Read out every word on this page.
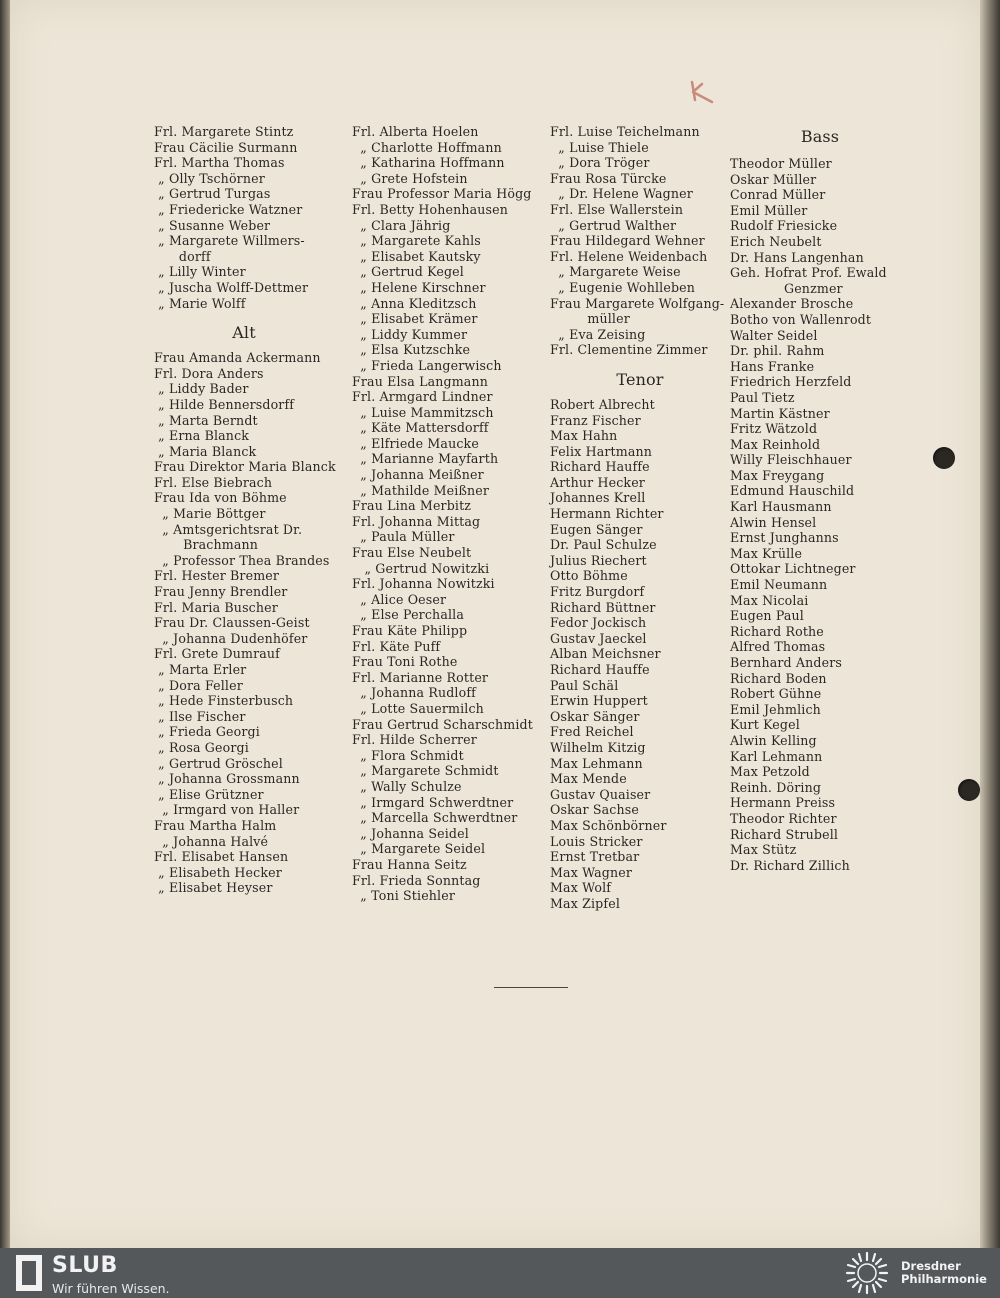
Frl. Margarete Stintz
Frau Cäcilie Surmann
Frl. Martha Thomas
„ Olly Tschörner
„ Gertrud Turgas
„ Friedericke Watzner
„ Susanne Weber
„ Margarete Willmers-
dorff
„ Lilly Winter
„ Juscha Wolff-Dettmer
„ Marie Wolff
Alt
Frau Amanda Ackermann
Frl. Dora Anders
„ Liddy Bader
„ Hilde Bennersdorff
„ Marta Berndt
„ Erna Blanck
„ Maria Blanck
Frau Direktor Maria Blanck
Frl. Else Biebrach
Frau Ida von Böhme
„ Marie Böttger
„ Amtsgerichtsrat Dr.
Brachmann
„ Professor Thea Brandes
Frl. Hester Bremer
Frau Jenny Brendler
Frl. Maria Buscher
Frau Dr. Claussen-Geist
„ Johanna Dudenhöfer
Frl. Grete Dumrauf
„ Marta Erler
„ Dora Feller
„ Hede Finsterbusch
„ Ilse Fischer
„ Frieda Georgi
„ Rosa Georgi
„ Gertrud Gröschel
„ Johanna Grossmann
„ Elise Grützner
„ Irmgard von Haller
Frau Martha Halm
„ Johanna Halvé
Frl. Elisabet Hansen
„ Elisabeth Hecker
„ Elisabet Heyser
Frl. Alberta Hoelen
„ Charlotte Hoffmann
„ Katharina Hoffmann
„ Grete Hofstein
Frau Professor Maria Högg
Frl. Betty Hohenhausen
„ Clara Jährig
„ Margarete Kahls
„ Elisabet Kautsky
„ Gertrud Kegel
„ Helene Kirschner
„ Anna Kleditzsch
„ Elisabet Krämer
„ Liddy Kummer
„ Elsa Kutzschke
„ Frieda Langerwisch
Frau Elsa Langmann
Frl. Armgard Lindner
„ Luise Mammitzsch
„ Käte Mattersdorff
„ Elfriede Maucke
„ Marianne Mayfarth
„ Johanna Meißner
„ Mathilde Meißner
Frau Lina Merbitz
Frl. Johanna Mittag
„ Paula Müller
Frau Else Neubelt
„ Gertrud Nowitzki
Frl. Johanna Nowitzki
„ Alice Oeser
„ Else Perchalla
Frau Käte Philipp
Frl. Käte Puff
Frau Toni Rothe
Frl. Marianne Rotter
„ Johanna Rudloff
„ Lotte Sauermilch
Frau Gertrud Scharschmidt
Frl. Hilde Scherrer
„ Flora Schmidt
„ Margarete Schmidt
„ Wally Schulze
„ Irmgard Schwerdtner
„ Marcella Schwerdtner
„ Johanna Seidel
„ Margarete Seidel
Frau Hanna Seitz
Frl. Frieda Sonntag
„ Toni Stiehler
Frl. Luise Teichelmann
„ Luise Thiele
„ Dora Tröger
Frau Rosa Türcke
„ Dr. Helene Wagner
Frl. Else Wallerstein
„ Gertrud Walther
Frau Hildegard Wehner
Frl. Helene Weidenbach
„ Margarete Weise
„ Eugenie Wohlleben
Frau Margarete Wolfgang-
müller
„ Eva Zeising
Frl. Clementine Zimmer
Tenor
Robert Albrecht
Franz Fischer
Max Hahn
Felix Hartmann
Richard Hauffe
Arthur Hecker
Johannes Krell
Hermann Richter
Eugen Sänger
Dr. Paul Schulze
Julius Riechert
Otto Böhme
Fritz Burgdorf
Richard Büttner
Fedor Jockisch
Gustav Jaeckel
Alban Meichsner
Richard Hauffe
Paul Schäl
Erwin Huppert
Oskar Sänger
Fred Reichel
Wilhelm Kitzig
Max Lehmann
Max Mende
Gustav Quaiser
Oskar Sachse
Max Schönbörner
Louis Stricker
Ernst Tretbar
Max Wagner
Max Wolf
Max Zipfel
Bass
Theodor Müller
Oskar Müller
Conrad Müller
Emil Müller
Rudolf Friesicke
Erich Neubelt
Dr. Hans Langenhan
Geh. Hofrat Prof. Ewald
Genzmer
Alexander Brosche
Botho von Wallenrodt
Walter Seidel
Dr. phil. Rahm
Hans Franke
Friedrich Herzfeld
Paul Tietz
Martin Kästner
Fritz Wätzold
Max Reinhold
Willy Fleischhauer
Max Freygang
Edmund Hauschild
Karl Hausmann
Alwin Hensel
Ernst Junghanns
Max Krülle
Ottokar Lichtneger
Emil Neumann
Max Nicolai
Eugen Paul
Richard Rothe
Alfred Thomas
Bernhard Anders
Richard Boden
Robert Gühne
Emil Jehmlich
Kurt Kegel
Alwin Kelling
Karl Lehmann
Max Petzold
Reinh. Döring
Hermann Preiss
Theodor Richter
Richard Strubell
Max Stütz
Dr. Richard Zillich
SLUB
Wir führen Wissen.
Dresdner
Philharmonie
